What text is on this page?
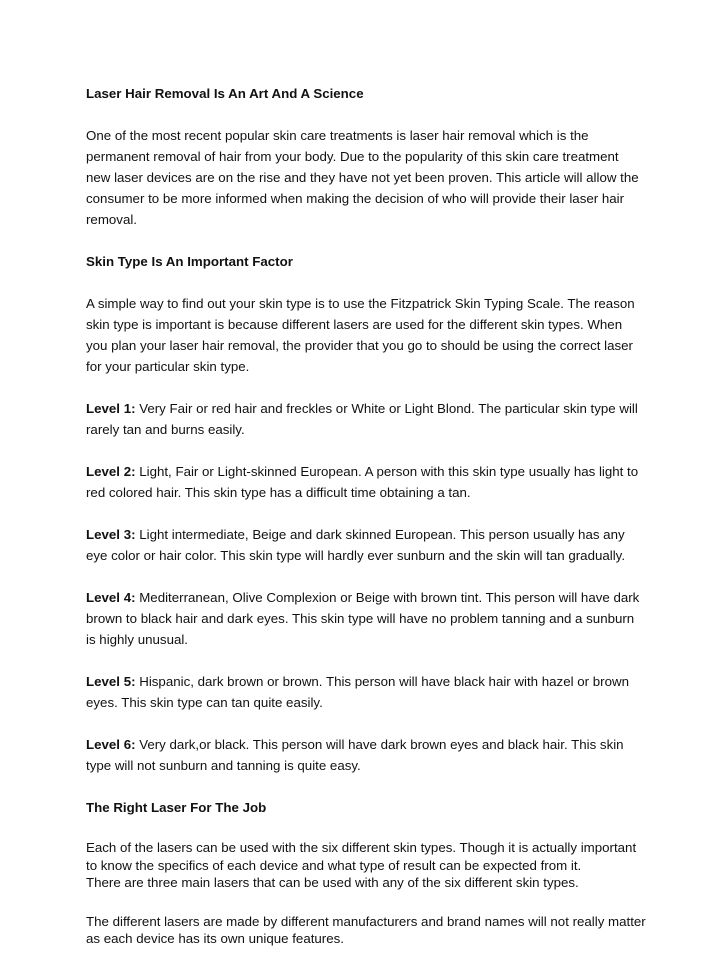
Laser Hair Removal Is An Art And A Science

One of the most recent popular skin care treatments is laser hair removal which is the permanent removal of hair from your body. Due to the popularity of this skin care treatment new laser devices are on the rise and they have not yet been proven. This article will allow the consumer to be more informed when making the decision of who will provide their laser hair removal.

Skin Type Is An Important Factor

A simple way to find out your skin type is to use the Fitzpatrick Skin Typing Scale. The reason skin type is important is because different lasers are used for the different skin types. When you plan your laser hair removal, the provider that you go to should be using the correct laser for your particular skin type.

Level 1: Very Fair or red hair and freckles or White or Light Blond. The particular skin type will rarely tan and burns easily.

Level 2: Light, Fair or Light-skinned European. A person with this skin type usually has light to red colored hair. This skin type has a difficult time obtaining a tan.

Level 3: Light intermediate, Beige and dark skinned European. This person usually has any eye color or hair color. This skin type will hardly ever sunburn and the skin will tan gradually.

Level 4: Mediterranean, Olive Complexion or Beige with brown tint. This person will have dark brown to black hair and dark eyes. This skin type will have no problem tanning and a sunburn is highly unusual.

Level 5: Hispanic, dark brown or brown. This person will have black hair with hazel or brown eyes. This skin type can tan quite easily.

Level 6: Very dark,or black. This person will have dark brown eyes and black hair. This skin type will not sunburn and tanning is quite easy.

The Right Laser For The Job

Each of the lasers can be used with the six different skin types. Though it is actually important to know the specifics of each device and what type of result can be expected from it.
There are three main lasers that can be used with any of the six different skin types.

The different lasers are made by different manufacturers and brand names will not really matter as each device has its own unique features.
